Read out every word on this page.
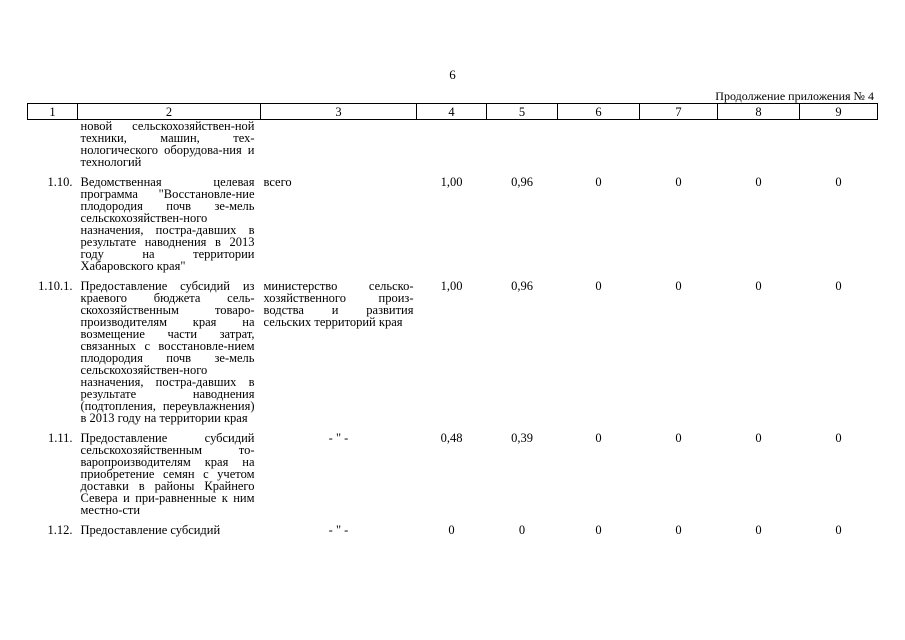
6
Продолжение приложения № 4
1	2	3	4	5	6	7	8	9
	новой сельскохозяйствен-ной техники, машин, тех-нологического оборудова-ния и технологий							
1.10.	Ведомственная целевая программа "Восстановле-ние плодородия почв зе-мель сельскохозяйствен-ного назначения, постра-давших в результате наводнения в 2013 году на территории Хабаровского края"	всего	1,00	0,96	0	0	0	0
1.10.1.	Предоставление субсидий из краевого бюджета сель-скохозяйственным товаро-производителям края на возмещение части затрат, связанных с восстановле-нием плодородия почв зе-мель сельскохозяйствен-ного назначения, постра-давших в результате наводнения (подтопления, переувлажнения) в 2013 году на территории края	министерство сельско-хозяйственного произ-водства и развития сельских территорий края	1,00	0,96	0	0	0	0
1.11.	Предоставление субсидий сельскохозяйственным то-варопроизводителям края на приобретение семян с учетом доставки в районы Крайнего Севера и при-равненные к ним местно-сти	- " -	0,48	0,39	0	0	0	0
1.12.	Предоставление субсидий	- " -	0	0	0	0	0	0
